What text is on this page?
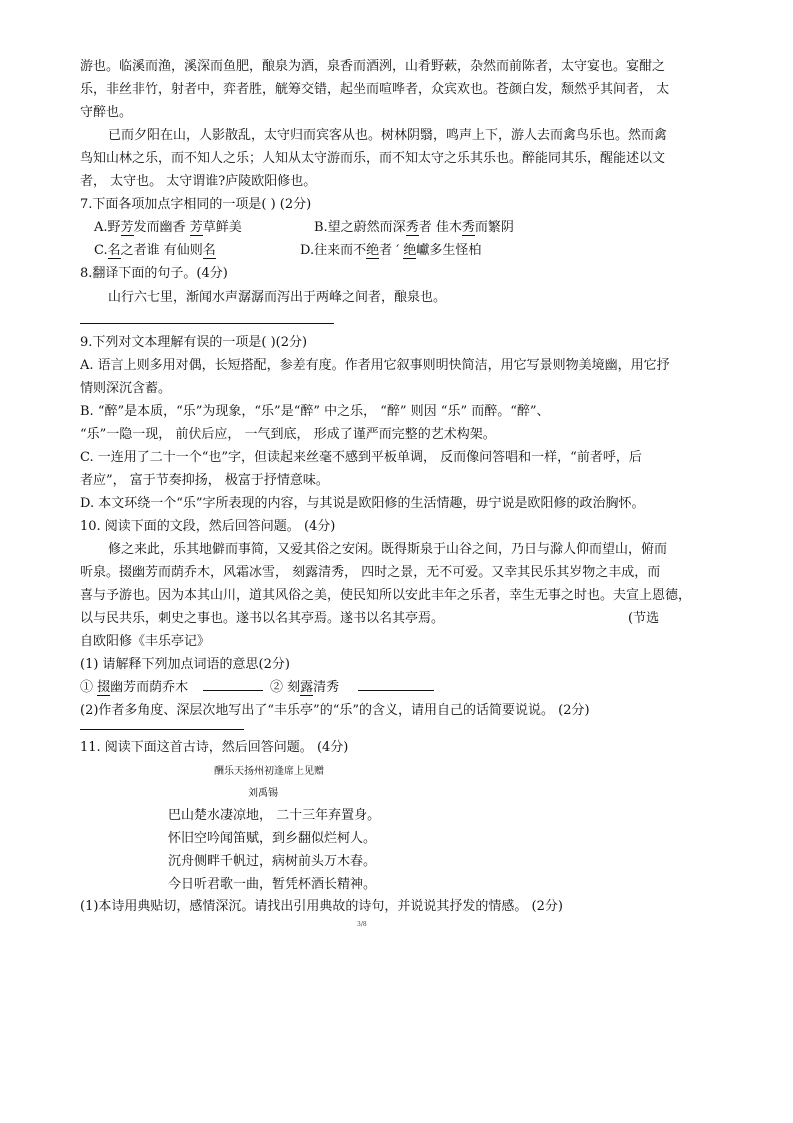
游也。临溪而渔，溪深而鱼肥，酿泉为酒，泉香而酒洌，山肴野蔌，杂然而前陈者，太守宴也。宴酣之
乐，非丝非竹，射者中，弈者胜，觥筹交错，起坐而喧哗者，众宾欢也。苍颜白发，颓然乎其间者， 太
守醉也。
已而夕阳在山，人影散乱，太守归而宾客从也。树林阴翳，鸣声上下，游人去而禽鸟乐也。然而禽
鸟知山林之乐，而不知人之乐；人知从太守游而乐，而不知太守之乐其乐也。醉能同其乐，醒能述以文
者， 太守也。 太守谓谁?庐陵欧阳修也。
7.下面各项加点字相同的一项是( ) (2分)
A.野芳发而幽香 芳草鲜美	B.望之蔚然而深秀者 佳木秀而繁阴
C.名之者谁 有仙则名	D.往来而不绝者 ′ 绝巘多生怪柏
8.翻译下面的句子。(4分)
山行六七里，渐闻水声潺潺而泻出于两峰之间者，酿泉也。
9.下列对文本理解有误的一项是( )(2分)
A. 语言上则多用对偶，长短搭配，参差有度。作者用它叙事则明快简洁，用它写景则物美境幽，用它抒
情则深沉含蓄。
B. “醉”是本质，“乐”为现象，“乐”是“醉” 中之乐， “醉” 则因 “乐” 而醉。“醉”、
“乐”一隐一现， 前伏后应， 一气到底， 形成了谨严而完整的艺术构架。
C. 一连用了二十一个“也”字，但读起来丝毫不感到平板单调， 反而像问答唱和一样，“前者呼，后
者应”， 富于节奏抑扬， 极富于抒情意味。
D. 本文环绕一个“乐”字所表现的内容，与其说是欧阳修的生活情趣，毋宁说是欧阳修的政治胸怀。
10. 阅读下面的文段，然后回答问题。 (4分)
修之来此，乐其地僻而事简，又爱其俗之安闲。既得斯泉于山谷之间，乃日与滁人仰而望山，俯而
听泉。掇幽芳而荫乔木，风霜冰雪， 刻露清秀， 四时之景，无不可爱。又幸其民乐其岁物之丰成，而
喜与予游也。因为本其山川，道其风俗之美，使民知所以安此丰年之乐者，幸生无事之时也。夫宣上恩德，
以与民共乐，刺史之事也。遂书以名其亭焉。遂书以名其亭焉。	(节选
自欧阳修《丰乐亭记》
(1) 请解释下列加点词语的意思(2分)
① 掇幽芳而荫乔木	② 刻露清秀
(2)作者多角度、深层次地写出了“丰乐亭”的“乐”的含义，请用自己的话简要说说。 (2分)
11. 阅读下面这首古诗，然后回答问题。 (4分)
酬乐天扬州初逢席上见赠
刘禹锡
巴山楚水凄凉地， 二十三年弃置身。
怀旧空吟闻笛赋，到乡翻似烂柯人。
沉舟侧畔千帆过，病树前头万木春。
今日听君歌一曲，暂凭杯酒长精神。
(1)本诗用典贴切，感情深沉。请找出引用典故的诗句，并说说其抒发的情感。 (2分)
3/8
